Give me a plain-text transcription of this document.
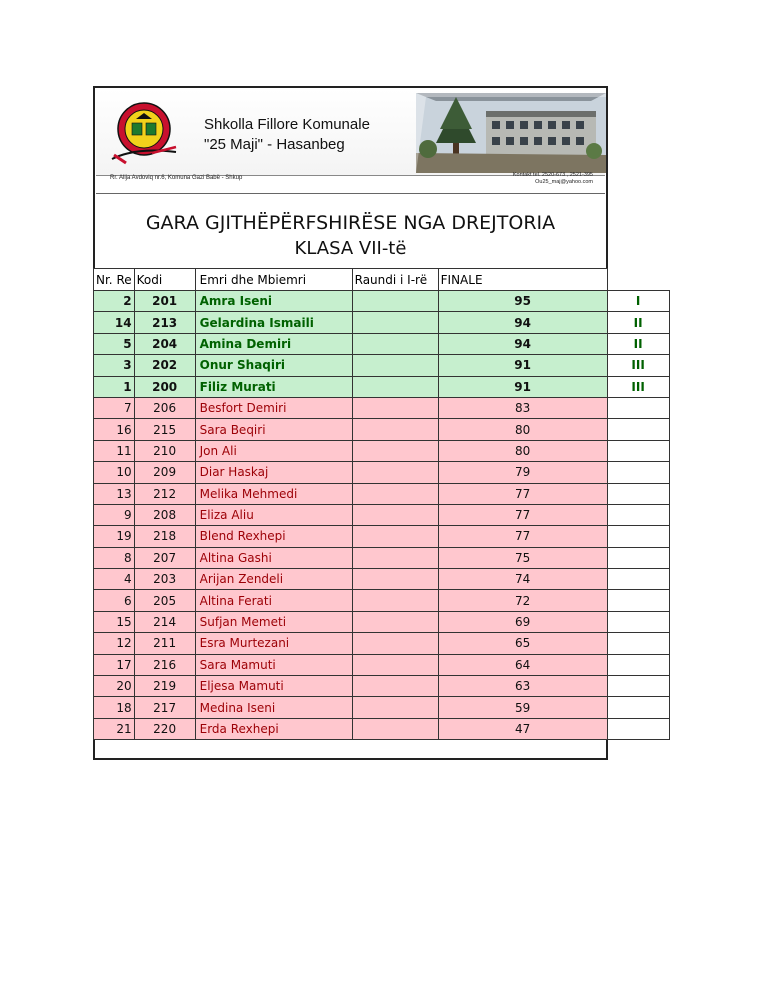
Shkolla Fillore Komunale
"25 Maji" - Hasanbeg
Rr. Alija Avdoviq nr.6, Komuna Gazi Babë - Shkup	Kontakt tel. 2520-673 , 2521-395
Ou25_maj@yahoo.com
GARA GJITHËPËRFSHIRËSE NGA DREJTORIA
KLASA VII-të
Nr. Re	Kodi	Emri dhe Mbiemri	Raundi i I-rë	FINALE	
2	201	Amra Iseni		95	I
14	213	Gelardina Ismaili		94	II
5	204	Amina Demiri		94	II
3	202	Onur Shaqiri		91	III
1	200	Filiz Murati		91	III
7	206	Besfort Demiri		83	
16	215	Sara Beqiri		80	
11	210	Jon Ali		80	
10	209	Diar Haskaj		79	
13	212	Melika Mehmedi		77	
9	208	Eliza Aliu		77	
19	218	Blend Rexhepi		77	
8	207	Altina Gashi		75	
4	203	Arijan Zendeli		74	
6	205	Altina Ferati		72	
15	214	Sufjan Memeti		69	
12	211	Esra Murtezani		65	
17	216	Sara Mamuti		64	
20	219	Eljesa Mamuti		63	
18	217	Medina Iseni		59	
21	220	Erda Rexhepi		47	
